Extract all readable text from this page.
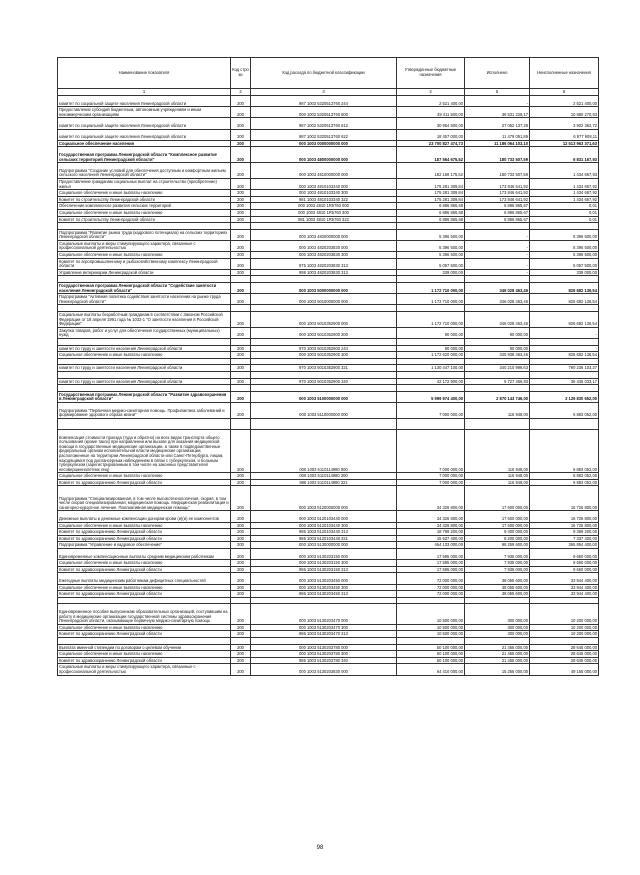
Наименование показателя	Код стро ки	Код расхода по бюджетной классификации	Утвержденные бюджетные назначения	Исполнено	Неисполненные назначения
1	2	3	4	5	6
комитет по социальной защите населения Ленинградской области	200	987 1002 5320513760 244	2 521 400,00	-	2 521 400,00
Предоставление субсидий бюджетным, автономным учреждениям и иным некоммерческим организациям	200	000 1002 5320513760 600	49 411 500,00	38 531 229,17	10 880 270,83
комитет по социальной защите населения Ленинградской области	200	987 1002 5320513760 612	30 954 500,00	27 052 137,28	3 902 362,72
комитет по социальной защите населения Ленинградской области	200	987 1002 5320513760 622	18 457 000,00	11 479 091,89	6 977 908,11
Социальное обеспечение населения	200	000 1003 0000000000 000	23 700 827 474,73	11 186 064 103,10	12 513 963 371,63
Государственная программа Ленинградской области "Комплексное развитие сельских территорий Ленинградской области"	200	000 1003 4800000000 000	187 564 675,52	180 733 507,59	6 831 167,93
Подпрограмма "Создание условий для обеспечения доступным и комфортным жильем сельского населения Ленинградской области"	200	000 1003 4810000000 000	182 168 175,52	180 733 507,59	1 434 667,93
Предоставление гражданам социальных выплат на строительство (приобретение) жилья	200	000 1003 4810103340 000	175 281 309,84	173 846 641,92	1 434 667,92
Социальное обеспечение и иные выплаты населению	200	000 1003 4810103340 300	175 281 309,84	173 846 641,92	1 434 667,92
Комитет по строительству Ленинградской области	200	981 1003 4810103340 322	175 281 309,84	173 846 641,92	1 434 667,92
Обеспечение комплексного развития сельских территорий	200	000 1003 4810 1R5760 000	6 886 865,68	6 886 865,67	0,01
Социальное обеспечение и иные выплаты населению	200	000 1003 4810 1R5760 300	6 886 865,68	6 886 865,67	0,01
Комитет по строительству Ленинградской области	200	981 1003 4810 1R5760 322	6 886 865,68	6 886 865,67	0,01

Подпрограмма "Развитие рынка труда (кадрового потенциала) на сельских территориях Ленинградской области"	200	000 1003 4820000000 000	5 396 500,00	-	5 396 500,00
Социальные выплаты и меры стимулирующего характера, связанные с профессиональной деятельностью	200	000 1003 4820203830 000	5 396 500,00	-	5 396 500,00
Социальное обеспечение и иные выплаты населению	200	000 1003 4820203830 300	5 396 500,00	-	5 396 500,00
Комитет по агропромышленному и рыбохозяйственному комплексу Ленинградской области	200	975 1003 4820203830 313	5 057 500,00	-	5 057 500,00
Управление ветеринарии Ленинградской области	200	998 1003 4820203830 313	339 000,00	-	339 000,00

Государственная программа Ленинградской области "Содействие занятости населения Ленинградской области"	200	000 1003 5000000000 000	1 172 710 000,00	346 028 463,46	826 682 136,54
Подпрограмма "Активная политика содействия занятости населения на рынке труда Ленинградской области"	200	000 1003 5010000000 000	1 172 710 000,00	346 028 463,46	826 682 136,54

Социальные выплаты безработным гражданам в соответствии с Законом Российской Федерации от 19 апреля 1991 года № 1032-1 "О занятости населения в Российской Федерации"	200	000 1003 5010352900 000	1 172 710 000,00	346 028 463,46	826 682 136,54
Закупка товаров, работ и услуг для обеспечения государственных (муниципальных) нужд	200	000 1003 5010352900 200	90 000,00	90 000,00	-

комитет по труду и занятости населения Ленинградской области	200	970 1003 5010352900 244	90 000,00	90 000,00	-
Социальное обеспечение и иные выплаты населению	200	000 1003 5010352900 300	1 172 620 000,00	345 938 463,46	826 682 136,54

комитет по труду и занятости населения Ленинградской области	200	970 1003 5010352900 321	1 130 447 100,00	340 210 996,63	790 236 103,37

комитет по труду и занятости населения Ленинградской области	200	970 1003 5010352900 340	42 172 900,00	5 727 466,83	36 445 033,17

Государственная программа Ленинградской области "Развитие здравоохранения в Ленинградской области"	200	000 1003 5100000000 000	5 999 974 400,00	2 870 143 746,00	3 129 830 652,00
Подпрограмма "Первичная медико-санитарная помощь. Профилактика заболеваний и формирование здорового образа жизни"	200	000 1003 5110000000 000	7 000 000,00	116 948,00	6 883 052,00

Компенсация стоимости проезда (туда и обратно) на всех видах транспорта общего пользования (кроме такси) при направлении или вызове для оказания медицинской помощи в государственные медицинские организации, а также в подведомственные федеральным органам исполнительной власти медицинские организации, расположенные на территории Ленинградской области или Санкт-Петербурга, лицам, находящимся под диспансерным наблюдением в связи с туберкулезом, и больным туберкулезом (зарегистрированным в том числе на законных представителей несовершеннолетних лиц)	200	000 1003 5110114980 000	7 000 000,00	116 948,00	6 883 052,00
Социальное обеспечение и иные выплаты населению	200	000 1003 5110114980 300	7 000 000,00	116 948,00	6 883 052,00
Комитет по здравоохранению Ленинградской области	200	986 1003 5110114980 321	7 000 000,00	116 948,00	6 883 052,00
Подпрограмма "Специализированная, в том числе высокотехнологичная, скорая, в том числе скорая специализированная, медицинская помощь. Медицинская реабилитация и санаторно-курортное лечение. Паллиативная медицинская помощь"	200	000 1003 5120000000 000	34 326 800,00	17 600 000,00	16 726 800,00
Денежные выплаты и денежные компенсации донорам крови (и)(и) ее компонентов	200	000 1003 5120103440 000	34 326 800,00	17 600 000,00	16 726 800,00
Социальное обеспечение и иные выплаты населению	200	000 1003 5120103440 300	34 326 800,00	17 600 000,00	16 726 800,00
Комитет по здравоохранению Ленинградской области	200	986 1003 5120103440 313	18 789 200,00	9 400 000,00	9 389 200,00
Комитет по здравоохранению Ленинградской области	200	986 1003 5120103440 321	15 537 400,00	8 200 000,00	7 337 400,00
Подпрограмма "Управление и кадровое обеспечение"	200	000 1003 5130000000 000	464 133 000,00	98 259 600,00	365 854 400,00
Единовременные компенсационные выплаты средним медицинским работникам	200	000 1003 5130203150 000	17 595 000,00	7 935 000,00	9 660 000,00
Социальное обеспечение и иные выплаты населению	200	000 1003 5130203150 300	17 595 000,00	7 935 000,00	9 660 000,00
Комитет по здравоохранению Ленинградской области	200	986 1003 5130203150 313	17 595 000,00	7 935 000,00	9 660 000,00
Ежегодные выплаты медицинским работникам дефицитных специальностей	200	000 1003 5130203450 000	72 000 000,00	38 055 600,00	33 944 400,00
Социальное обеспечение и иные выплаты населению	200	000 1003 5130203450 300	72 000 000,00	38 055 600,00	33 944 400,00
Комитет по здравоохранению Ленинградской области	200	986 1003 5130203450 313	72 000 000,00	38 055 600,00	33 944 400,00

Единовременное пособие выпускникам образовательных организаций, поступившим на работу в медицинские организации государственной системы здравоохранения Ленинградской области, оказывающие первичную медико-санитарную помощь	200	000 1003 5130203470 000	10 500 000,00	300 000,00	10 200 000,00
Социальное обеспечение и иные выплаты населению	200	000 1003 5130203470 300	10 500 000,00	300 000,00	10 200 000,00
Комитет по здравоохранению Ленинградской области	200	986 1003 5130203470 313	10 500 000,00	300 000,00	10 200 000,00

Выплата именной стипендии по договорам о целевом обучении	200	000 1003 5130203780 000	50 100 000,00	21 455 000,00	28 645 000,00
Социальное обеспечение и иные выплаты населению	200	000 1003 5130203780 300	50 100 000,00	21 455 000,00	28 645 000,00
Комитет по здравоохранению Ленинградской области	200	986 1003 5130203780 340	50 100 000,00	21 455 000,00	28 645 000,00
Социальные выплаты и меры стимулирующего характера, связанные с профессиональной деятельностью	200	000 1003 5130203830 000	64 410 000,00	15 255 000,00	49 155 000,00
98
